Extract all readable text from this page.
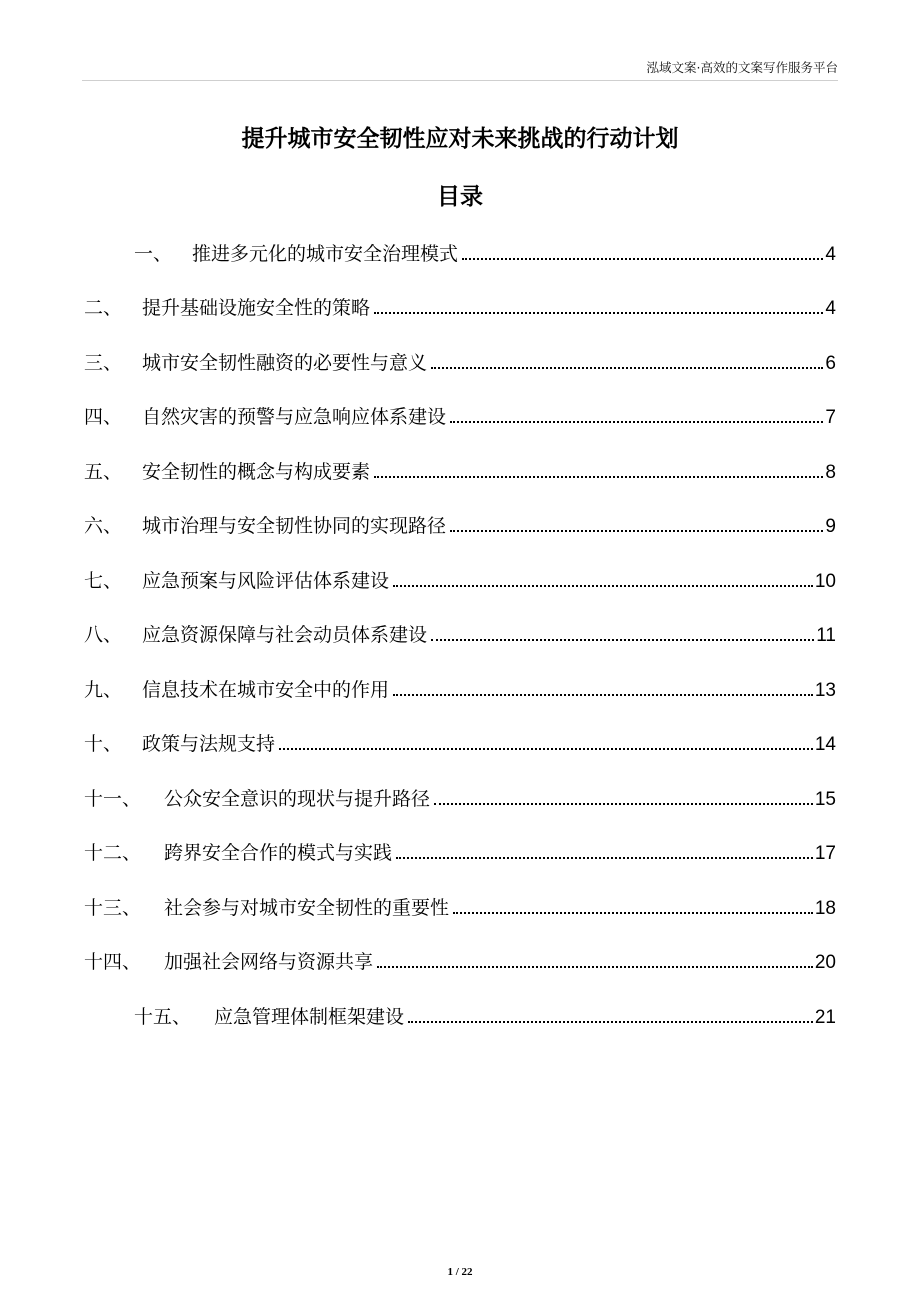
泓域文案·高效的文案写作服务平台
提升城市安全韧性应对未来挑战的行动计划
目录
一、	推进多元化的城市安全治理模式	4
二、	提升基础设施安全性的策略	4
三、	城市安全韧性融资的必要性与意义	6
四、	自然灾害的预警与应急响应体系建设	7
五、	安全韧性的概念与构成要素	8
六、	城市治理与安全韧性协同的实现路径	9
七、	应急预案与风险评估体系建设	10
八、	应急资源保障与社会动员体系建设	11
九、	信息技术在城市安全中的作用	13
十、	政策与法规支持	14
十一、	公众安全意识的现状与提升路径	15
十二、	跨界安全合作的模式与实践	17
十三、	社会参与对城市安全韧性的重要性	18
十四、	加强社会网络与资源共享	20
十五、	应急管理体制框架建设	21
1 / 22
